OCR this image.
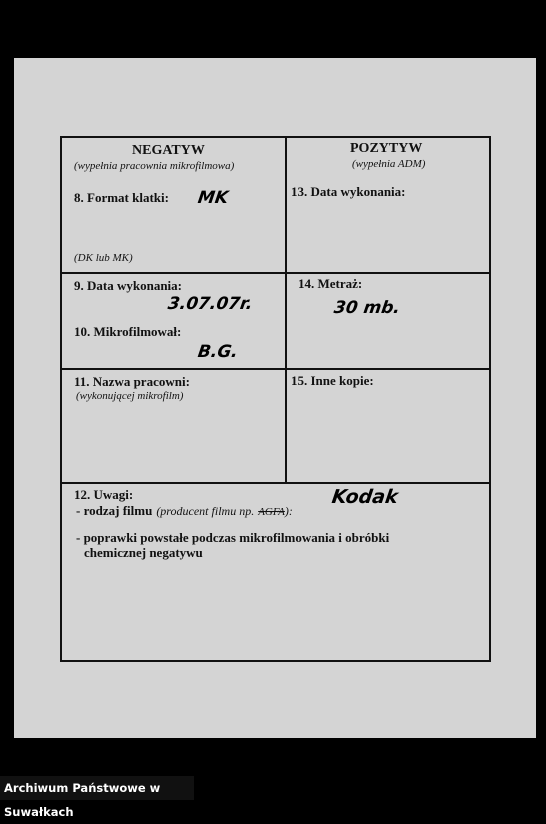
NEGATYW
(wypełnia pracownia mikrofilmowa)
POZYTYW
(wypełnia ADM)
8. Format klatki: MK
(DK lub MK)
13. Data wykonania:
9. Data wykonania:
3.07.07r.
14. Metraż:
30 mb.
10. Mikrofilmował:
B.G.
11. Nazwa pracowni:
(wykonującej mikrofilm)
15. Inne kopie:
12. Uwagi:
- rodzaj filmu (producent filmu np. AGFA):
Kodak
- poprawki powstałe podczas mikrofilmowania i obróbki
chemicznej negatywu
Archiwum Państwowe w Suwałkach
